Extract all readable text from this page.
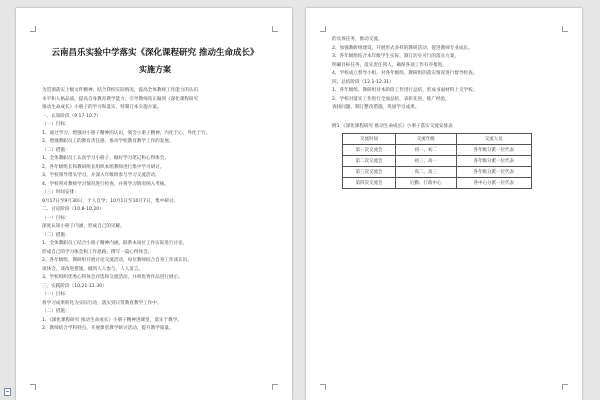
云南昌乐实验中学落实《深化课程研究 推动生命成长》
实施方案
为贯彻落实上级文件精神，结合我校实际情况，提高全体教师工作能力的认识
水平和人格品质，提高自身教育教学能力，引导教师真正做到《深化课程研究
推动生命成长》小册子的学习和落实，特制订本实施方案。
一、认知阶段（9.17-10.7）
（一）目标：
1、通过学习，增强对小册子精神的认识，领会小册子精神，内化于心，外化于行。
2、增强教职员工的教育责任感，推动学校教育教学工作的发展。
（二）措施：
1、全体教职员工认真学习小册子，做好学习笔记和心得体会。
2、各年级组长和教研组长组织本组教师进行集中学习研讨。
3、学校领导带头学习，并深入年级组参与学习交流活动。
4、学校将对教师学习情况进行检查，并将学习情况纳入考核。
（三）时间安排：
9月17日至9月30日，个人自学；10月1日至10月7日，集中研讨。
二、讨论阶段（10.8-10.20）
（一）目标：
深度认知小册子内涵，形成自己的见解。
（二）措施：
1、全体教职员工结合小册子精神内涵，联系本岗位工作实际进行讨论，
形成自己的学习体会和工作思路，撰写一篇心得体会。
2、各年级组、教研组开展讨论交流活动，每位教师结合自身工作谈认识，
谈体会，谈改进措施，做到人人参与，人人发言。
3、学校组织优秀心得体会评选和交流活动，并将优秀作品进行展示。
三、实践阶段（10.21-11.30）
（一）目标：
将学习成果转化为实际行动，落实到日常教育教学工作中。
（二）措施：
1、《深化课程研究 推动生命成长》小册子精神进课堂，落实于教学。
2、教师结合学科特点，开展课堂教学研讨活动，提升教学质量。
的具体任务，推动交流。
2、加强教研组建设，开展形式多样的教研活动，促进教师专业成长。
3、各年级组结合本年级学生实际，制订切实可行的落实方案，
明确目标任务，落实责任到人，确保各项工作有序推进。
4、学校成立督导小组，对各年级组、教研组的落实情况进行督导检查。
四、总结阶段（12.1-12.31）
1、各年级组、教研组对本阶段工作进行总结，形成书面材料上交学校。
2、学校对落实工作进行全面总结，表彰先进，推广经验，
查找问题，制订整改措施，巩固学习成果。
附1 《深化课程研究 推动生命成长》小册子落实交流安排表
交流时间	交流年级	交流人员
第一次交流会	初一、初二	各年级分派一位代表
第二次交流会	初三、高一	各年级分派一位代表
第三次交流会	高二、高三	各年级分派一位代表
第四次交流会	后勤、行政中心	各中心分派一位代表
